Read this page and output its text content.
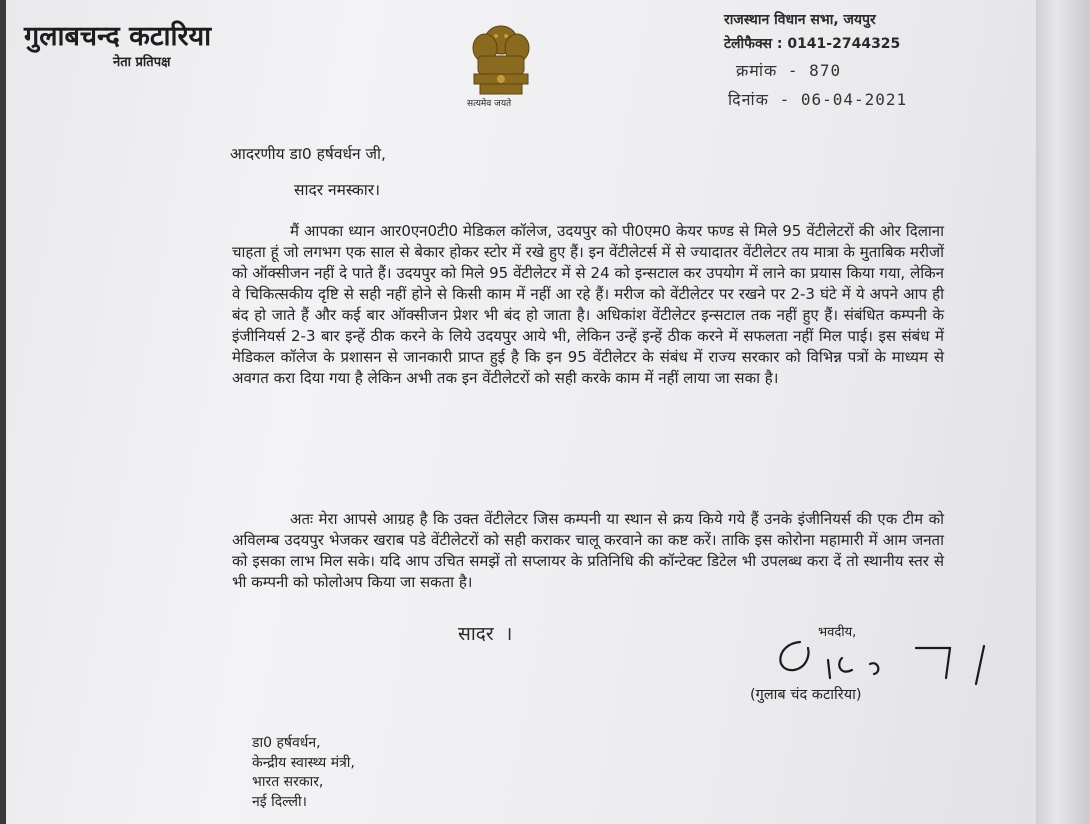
गुलाबचन्द कटारिया
नेता प्रतिपक्ष
सत्यमेव जयते
राजस्थान विधान सभा, जयपुर
टेलीफैक्स : 0141-2744325
क्रमांक - 870
दिनांक - 06-04-2021
आदरणीय डा0 हर्षवर्धन जी,
सादर नमस्कार।

मैं आपका ध्यान आर0एन0टी0 मेडिकल कॉलेज, उदयपुर को पी0एम0 केयर फण्ड से मिले 95 वेंटीलेटरों की ओर दिलाना चाहता हूं जो लगभग एक साल से बेकार होकर स्टोर में रखे हुए हैं। इन वेंटीलेटर्स में से ज्यादातर वेंटीलेटर तय मात्रा के मुताबिक मरीजों को ऑक्सीजन नहीं दे पाते हैं। उदयपुर को मिले 95 वेंटीलेटर में से 24 को इन्सटाल कर उपयोग में लाने का प्रयास किया गया, लेकिन वे चिकित्सकीय दृष्टि से सही नहीं होने से किसी काम में नहीं आ रहे हैं। मरीज को वेंटीलेटर पर रखने पर 2-3 घंटे में ये अपने आप ही बंद हो जाते हैं और कई बार ऑक्सीजन प्रेशर भी बंद हो जाता है। अधिकांश वेंटीलेटर इन्सटाल तक नहीं हुए हैं। संबंधित कम्पनी के इंजीनियर्स 2-3 बार इन्हें ठीक करने के लिये उदयपुर आये भी, लेकिन उन्हें इन्हें ठीक करने में सफलता नहीं मिल पाई। इस संबंध में मेडिकल कॉलेज के प्रशासन से जानकारी प्राप्त हुई है कि इन 95 वेंटीलेटर के संबंध में राज्य सरकार को विभिन्न पत्रों के माध्यम से अवगत करा दिया गया है लेकिन अभी तक इन वेंटीलेटरों को सही करके काम में नहीं लाया जा सका है।

अतः मेरा आपसे आग्रह है कि उक्त वेंटीलेटर जिस कम्पनी या स्थान से क्रय किये गये हैं उनके इंजीनियर्स की एक टीम को अविलम्ब उदयपुर भेजकर खराब पडे वेंटीलेटरों को सही कराकर चालू करवाने का कष्ट करें। ताकि इस कोरोना महामारी में आम जनता को इसका लाभ मिल सके। यदि आप उचित समझें तो सप्लायर के प्रतिनिधि की कॉन्टेक्ट डिटेल भी उपलब्ध करा दें तो स्थानीय स्तर से भी कम्पनी को फोलोअप किया जा सकता है।

सादर ।	भवदीय,
(गुलाब चंद कटारिया)
डा0 हर्षवर्धन,
केन्द्रीय स्वास्थ्य मंत्री,
भारत सरकार,
नई दिल्ली।
